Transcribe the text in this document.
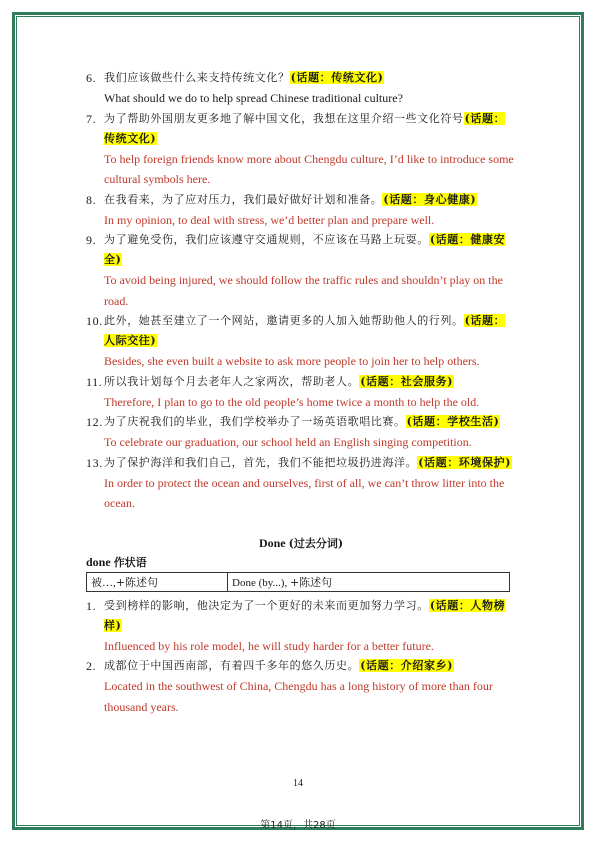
6. 我们应该做些什么来支持传统文化？(话题：传统文化)
What should we do to help spread Chinese traditional culture?
7. 为了帮助外国朋友更多地了解中国文化，我想在这里介绍一些文化符号(话题：传统文化)
To help foreign friends know more about Chengdu culture, I’d like to introduce some cultural symbols here.
8. 在我看来，为了应对压力，我们最好做好计划和准备。(话题：身心健康)
In my opinion, to deal with stress, we’d better plan and prepare well.
9. 为了避免受伤，我们应该遵守交通规则，不应该在马路上玩耍。(话题：健康安全)
To avoid being injured, we should follow the traffic rules and shouldn’t play on the road.
10. 此外，她甚至建立了一个网站，邀请更多的人加入她帮助他人的行列。(话题：人际交往)
Besides, she even built a website to ask more people to join her to help others.
11. 所以我计划每个月去老年人之家两次，帮助老人。(话题：社会服务)
Therefore, I plan to go to the old people’s home twice a month to help the old.
12. 为了庆祝我们的毕业，我们学校举办了一场英语歌唱比赛。(话题：学校生活)
To celebrate our graduation, our school held an English singing competition.
13. 为了保护海洋和我们自己，首先，我们不能把垃圾扔进海洋。(话题：环境保护)
In order to protect the ocean and ourselves, first of all, we can’t throw litter into the ocean.
Done (过去分词)
done 作状语
被…,+陈述句	Done (by...), +陈述句
1. 受到榜样的影响，他决定为了一个更好的未来而更加努力学习。(话题：人物榜样)
Influenced by his role model, he will study harder for a better future.
2. 成都位于中国西南部，有着四千多年的悠久历史。(话题：介绍家乡)
Located in the southwest of China, Chengdu has a long history of more than four thousand years.
14
第14页，共28页
